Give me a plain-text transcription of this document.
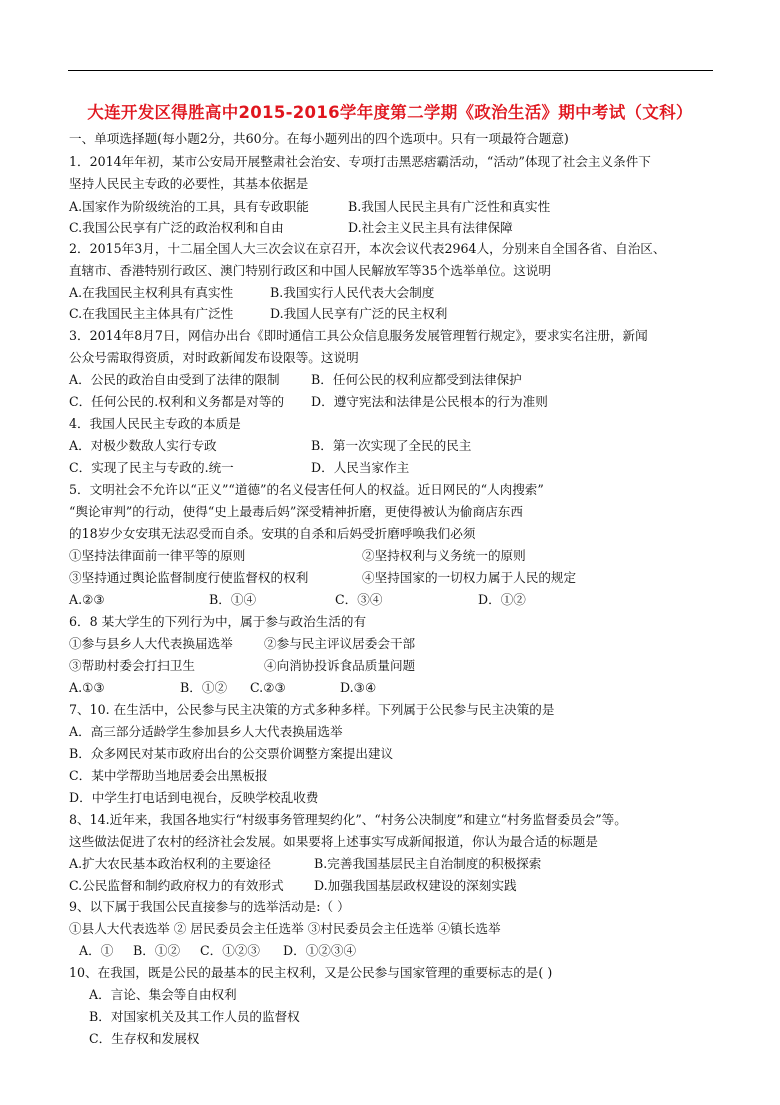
大连开发区得胜高中2015-2016学年度第二学期《政治生活》期中考试（文科）
一、单项选择题(每小题2分，共60分。在每小题列出的四个选项中。只有一项最符合题意)
1．2014年年初，某市公安局开展整肃社会治安、专项打击黑恶痞霸活动，“活动”体现了社会主义条件下
坚持人民民主专政的必要性，其基本依据是
A.国家作为阶级统治的工具，具有专政职能	B.我国人民民主具有广泛性和真实性
C.我国公民享有广泛的政治权利和自由	D.社会主义民主具有法律保障
2．2015年3月，十二届全国人大三次会议在京召开，本次会议代表2964人，分别来自全国各省、自治区、
直辖市、香港特别行政区、澳门特别行政区和中国人民解放军等35个选举单位。这说明
A.在我国民主权利具有真实性	B.我国实行人民代表大会制度
C.在我国民主主体具有广泛性	D.我国人民享有广泛的民主权利
3．2014年8月7日，网信办出台《即时通信工具公众信息服务发展管理暂行规定》，要求实名注册，新闻
公众号需取得资质，对时政新闻发布设限等。这说明
A．公民的政治自由受到了法律的限制 B．任何公民的权利应都受到法律保护
C．任何公民的.权利和义务都是对等的 D．遵守宪法和法律是公民根本的行为准则
4．我国人民民主专政的本质是
A．对极少数敌人实行专政	B．第一次实现了全民的民主
C．实现了民主与专政的.统一	D．人民当家作主
5．文明社会不允许以“正义”“道德”的名义侵害任何人的权益。近日网民的“人肉搜索”
“舆论审判”的行动，使得“史上最毒后妈”深受精神折磨，更使得被认为偷商店东西
的18岁少女安琪无法忍受而自杀。安琪的自杀和后妈受折磨呼唤我们必须
①坚持法律面前一律平等的原则	②坚持权利与义务统一的原则
③坚持通过舆论监督制度行使监督权的权利	④坚持国家的一切权力属于人民的规定
A.②③	B．①④	C．③④	D．①②
6．8 某大学生的下列行为中，属于参与政治生活的有
①参与县乡人大代表换届选举 ②参与民主评议居委会干部
③帮助村委会打扫卫生	④向消协投诉食品质量问题
A.①③	B．①② C.②③	D.③④
7、10. 在生活中，公民参与民主决策的方式多种多样。下列属于公民参与民主决策的是
A．高三部分适龄学生参加县乡人大代表换届选举
B．众多网民对某市政府出台的公交票价调整方案提出建议
C．某中学帮助当地居委会出黑板报
D．中学生打电话到电视台，反映学校乱收费
8、14.近年来，我国各地实行“村级事务管理契约化”、“村务公决制度”和建立“村务监督委员会”等。
这些做法促进了农村的经济社会发展。如果要将上述事实写成新闻报道，你认为最合适的标题是
A.扩大农民基本政治权利的主要途径	B.完善我国基层民主自治制度的积极探索
C.公民监督和制约政府权力的有效形式 D.加强我国基层政权建设的深刻实践
9、以下属于我国公民直接参与的选举活动是:（ ）
①县人大代表选举 ② 居民委员会主任选举 ③村民委员会主任选举 ④镇长选举
A．① B．①② C．①②③ D．①②③④
10、在我国，既是公民的最基本的民主权利，又是公民参与国家管理的重要标志的是( )
A．言论、集会等自由权利
B．对国家机关及其工作人员的监督权
C．生存权和发展权
